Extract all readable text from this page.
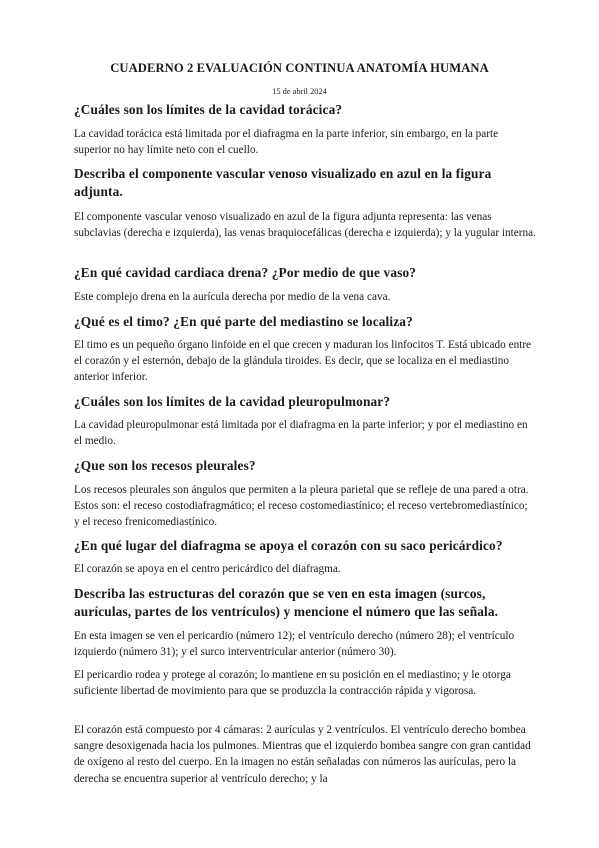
CUADERNO 2 EVALUACIÓN CONTINUA ANATOMÍA HUMANA
15 de abril 2024
¿Cuáles son los límites de la cavidad torácica?
La cavidad torácica está limitada por el diafragma en la parte inferior, sin embargo, en la parte superior no hay límite neto con el cuello.
Describa el componente vascular venoso visualizado en azul en la figura adjunta.
El componente vascular venoso visualizado en azul de la figura adjunta representa: las venas subclavias (derecha e izquierda), las venas braquiocefálicas (derecha e izquierda); y la yugular interna.
¿En qué cavidad cardiaca drena? ¿Por medio de que vaso?
Este complejo drena en la aurícula derecha por medio de la vena cava.
¿Qué es el timo? ¿En qué parte del mediastino se localiza?
El timo es un pequeño órgano linfoide en el que crecen y maduran los linfocitos T. Está ubicado entre el corazón y el esternón, debajo de la glándula tiroides. Es decir, que se localiza en el mediastino anterior inferior.
¿Cuáles son los límites de la cavidad pleuropulmonar?
La cavidad pleuropulmonar está limitada por el diafragma en la parte inferior; y por el mediastino en el medio.
¿Que son los recesos pleurales?
Los recesos pleurales son ángulos que permiten a la pleura parietal que se refleje de una pared a otra. Estos son: el receso costodiafragmático; el receso costomediastínico; el receso vertebromediastínico; y el receso frenicomediastínico.
¿En qué lugar del diafragma se apoya el corazón con su saco pericárdico?
El corazón se apoya en el centro pericárdico del diafragma.
Describa las estructuras del corazón que se ven en esta imagen (surcos, aurículas, partes de los ventrículos) y mencione el número que las señala.
En esta imagen se ven el pericardio (número 12); el ventrículo derecho (número 28); el ventrículo izquierdo (número 31); y el surco interventricular anterior (número 30).
El pericardio rodea y protege al corazón; lo mantiene en su posición en el mediastino; y le otorga suficiente libertad de movimiento para que se produzcla la contracción rápida y vigorosa.
El corazón está compuesto por 4 cámaras: 2 aurículas y 2 ventrículos. El ventrículo derecho bombea sangre desoxigenada hacia los pulmones. Mientras que el izquierdo bombea sangre con gran cantidad de oxígeno al resto del cuerpo. En la imagen no están señaladas con números las aurículas, pero la derecha se encuentra superior al ventrículo derecho; y la
